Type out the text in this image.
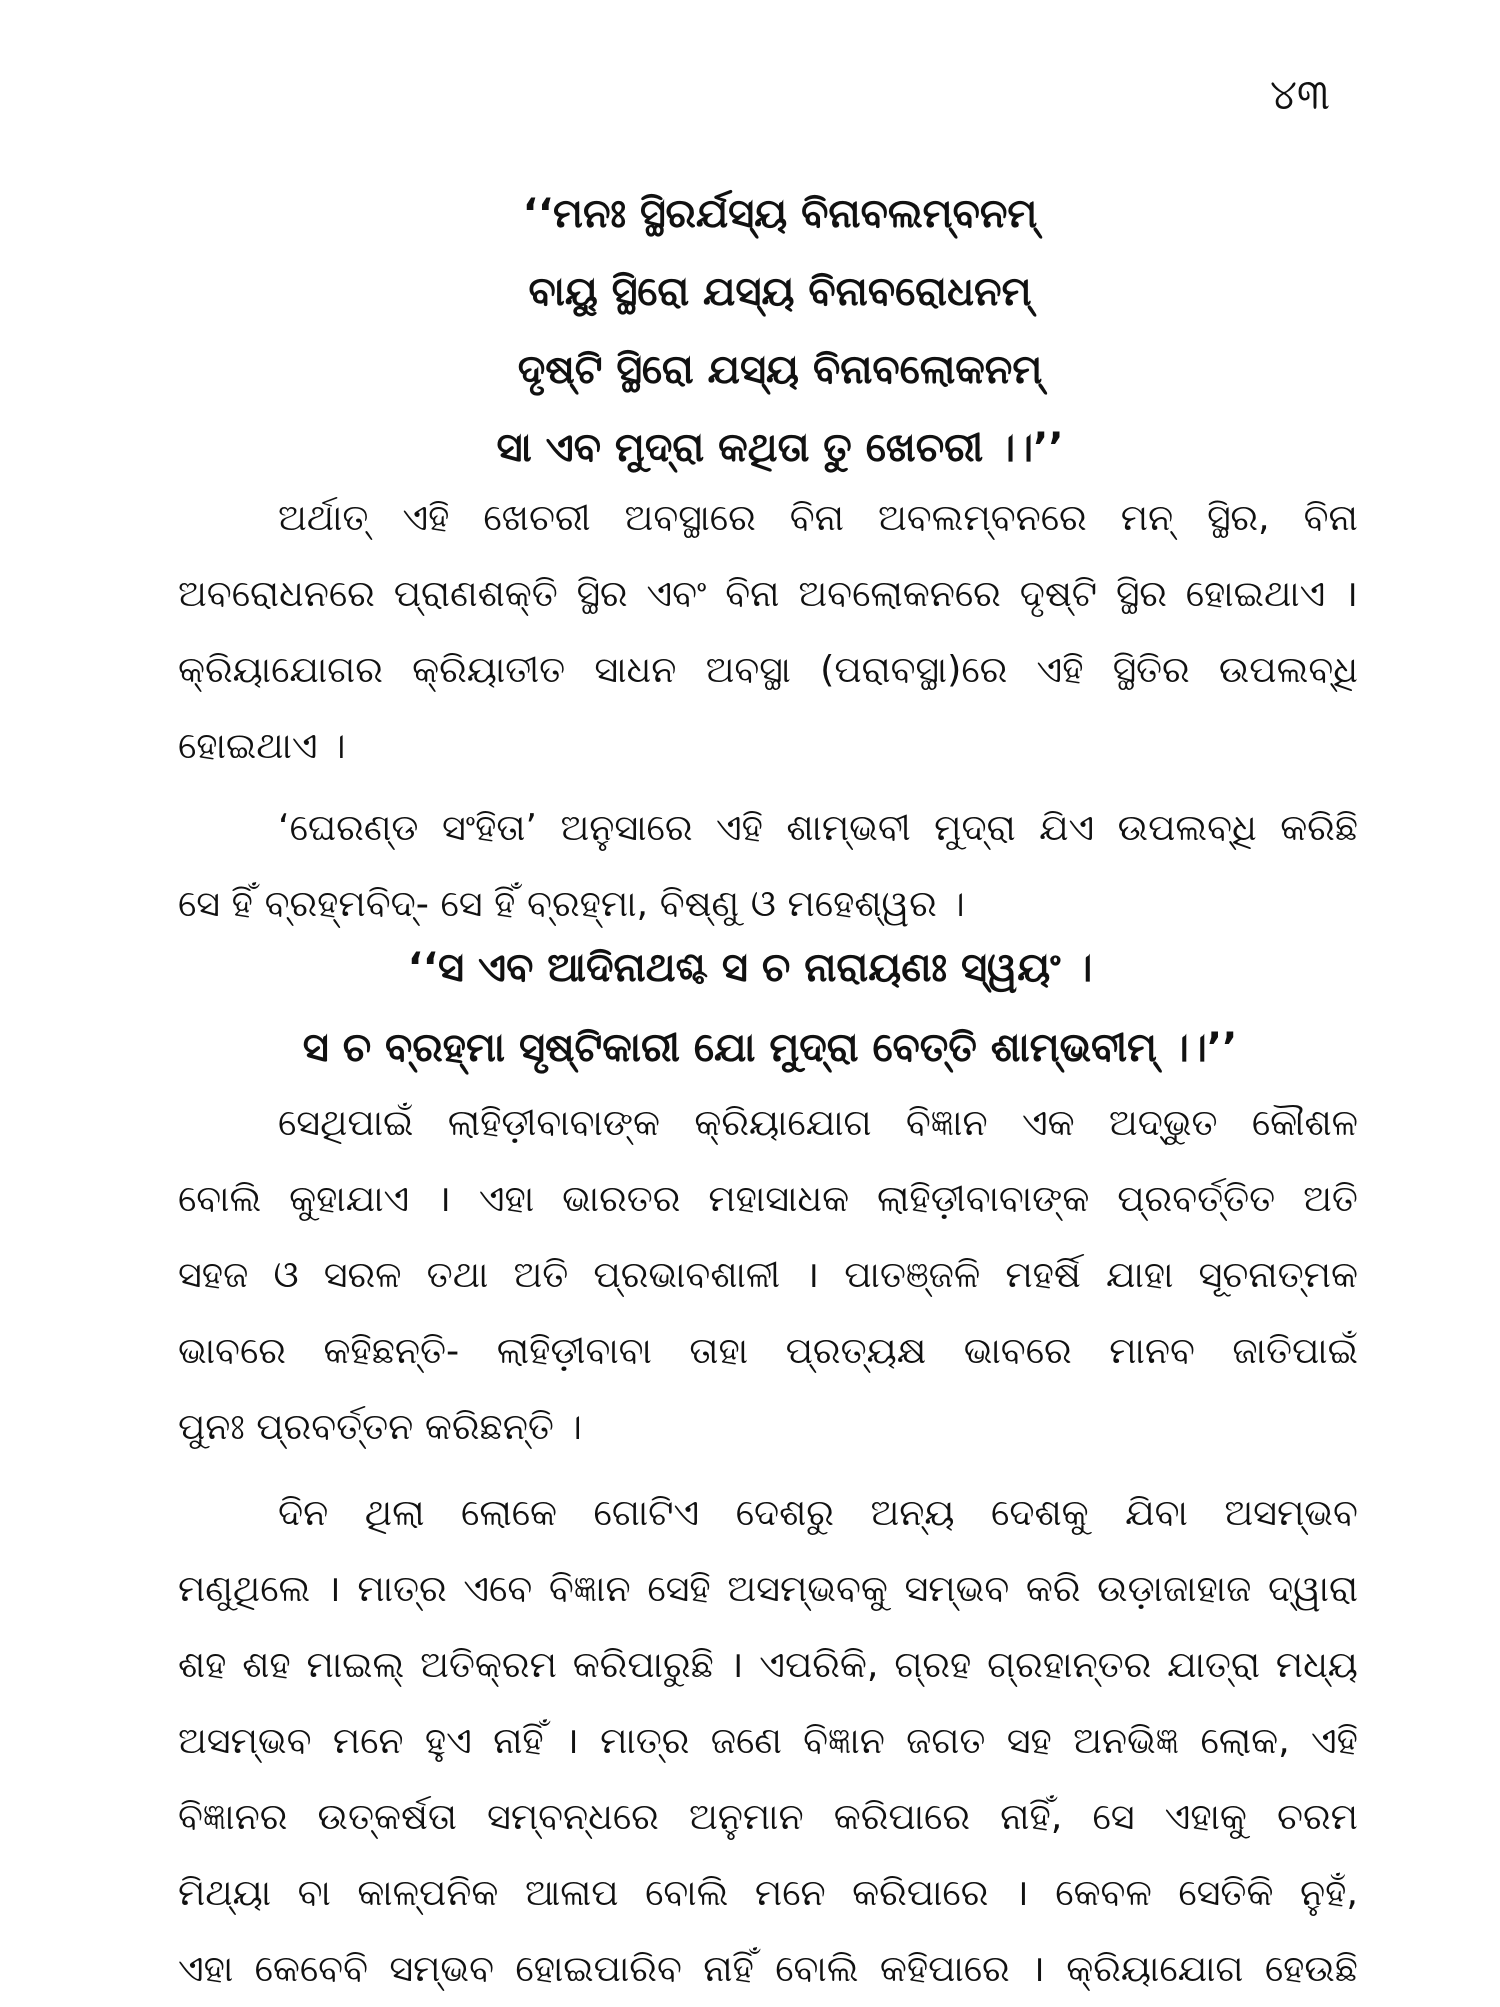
୪୩
‘‘ମନଃ ସ୍ଥିରର୍ଯସ୍ୟ ବିନାବଲମ୍ବନମ୍
ବାୟୁ ସ୍ଥିରୋ ଯସ୍ୟ ବିନାବରୋଧନମ୍
ଦୃଷ୍ଟି ସ୍ଥିରୋ ଯସ୍ୟ ବିନାବଲୋକନମ୍
ସା ଏବ ମୁଦ୍ରା କଥିତା ତୁ ଖେଚରୀ ।।’’
ଅର୍ଥାତ୍ ଏହି ଖେଚରୀ ଅବସ୍ଥାରେ ବିନା ଅବଲମ୍ବନରେ ମନ୍ ସ୍ଥିର, ବିନା
ଅବରୋଧନରେ ପ୍ରାଣଶକ୍ତି ସ୍ଥିର ଏବଂ ବିନା ଅବଲୋକନରେ ଦୃଷ୍ଟି ସ୍ଥିର ହୋଇଥାଏ ।
କ୍ରିୟାଯୋଗର କ୍ରିୟାତୀତ ସାଧନ ଅବସ୍ଥା (ପରାବସ୍ଥା)ରେ ଏହି ସ୍ଥିତିର ଉପଲବ୍ଧି
ହୋଇଥାଏ ।
‘ଘେରଣ୍ଡ ସଂହିତା’ ଅନୁସାରେ ଏହି ଶାମ୍ଭବୀ ମୁଦ୍ରା ଯିଏ ଉପଲବ୍ଧି କରିଛି
ସେ ହିଁ ବ୍ରହ୍ମବିଦ୍- ସେ ହିଁ ବ୍ରହ୍ମା, ବିଷ୍ଣୁ ଓ ମହେଶ୍ୱର ।
‘‘ସ ଏବ ଆଦିନାଥଶ୍ଚ ସ ଚ ନାରାୟଣଃ ସ୍ୱୟଂ ।
ସ ଚ ବ୍ରହ୍ମା ସୃଷ୍ଟିକାରୀ ଯୋ ମୁଦ୍ରା ବେତ୍ତି ଶାମ୍ଭବୀମ୍ ।।’’
ସେଥିପାଇଁ ଲାହିଡ଼ୀବାବାଙ୍କ କ୍ରିୟାଯୋଗ ବିଜ୍ଞାନ ଏକ ଅଦ୍ଭୁତ କୌଶଳ
ବୋଲି କୁହାଯାଏ । ଏହା ଭାରତର ମହାସାଧକ ଲାହିଡ଼ୀବାବାଙ୍କ ପ୍ରବର୍ତ୍ତିତ ଅତି
ସହଜ ଓ ସରଳ ତଥା ଅତି ପ୍ରଭାବଶାଳୀ । ପାତଞ୍ଜଳି ମହର୍ଷି ଯାହା ସୂଚନାତ୍ମକ
ଭାବରେ କହିଛନ୍ତି- ଲାହିଡ଼ୀବାବା ତାହା ପ୍ରତ୍ୟକ୍ଷ ଭାବରେ ମାନବ ଜାତିପାଇଁ
ପୁନଃ ପ୍ରବର୍ତ୍ତନ କରିଛନ୍ତି ।
ଦିନ ଥିଲା ଲୋକେ ଗୋଟିଏ ଦେଶରୁ ଅନ୍ୟ ଦେଶକୁ ଯିବା ଅସମ୍ଭବ
ମଣୁଥିଲେ । ମାତ୍ର ଏବେ ବିଜ୍ଞାନ ସେହି ଅସମ୍ଭବକୁ ସମ୍ଭବ କରି ଉଡ଼ାଜାହାଜ ଦ୍ୱାରା
ଶହ ଶହ ମାଇଲ୍ ଅତିକ୍ରମ କରିପାରୁଛି । ଏପରିକି, ଗ୍ରହ ଗ୍ରହାନ୍ତର ଯାତ୍ରା ମଧ୍ୟ
ଅସମ୍ଭବ ମନେ ହୁଏ ନାହିଁ । ମାତ୍ର ଜଣେ ବିଜ୍ଞାନ ଜଗତ ସହ ଅନଭିଜ୍ଞ ଲୋକ, ଏହି
ବିଜ୍ଞାନର ଉତ୍କର୍ଷତା ସମ୍ବନ୍ଧରେ ଅନୁମାନ କରିପାରେ ନାହିଁ, ସେ ଏହାକୁ ଚରମ
ମିଥ୍ୟା ବା କାଳ୍ପନିକ ଆଳାପ ବୋଲି ମନେ କରିପାରେ । କେବଳ ସେତିକି ନୁହଁ,
ଏହା କେବେବି ସମ୍ଭବ ହୋଇପାରିବ ନାହିଁ ବୋଲି କହିପାରେ । କ୍ରିୟାଯୋଗ ହେଉଛି
